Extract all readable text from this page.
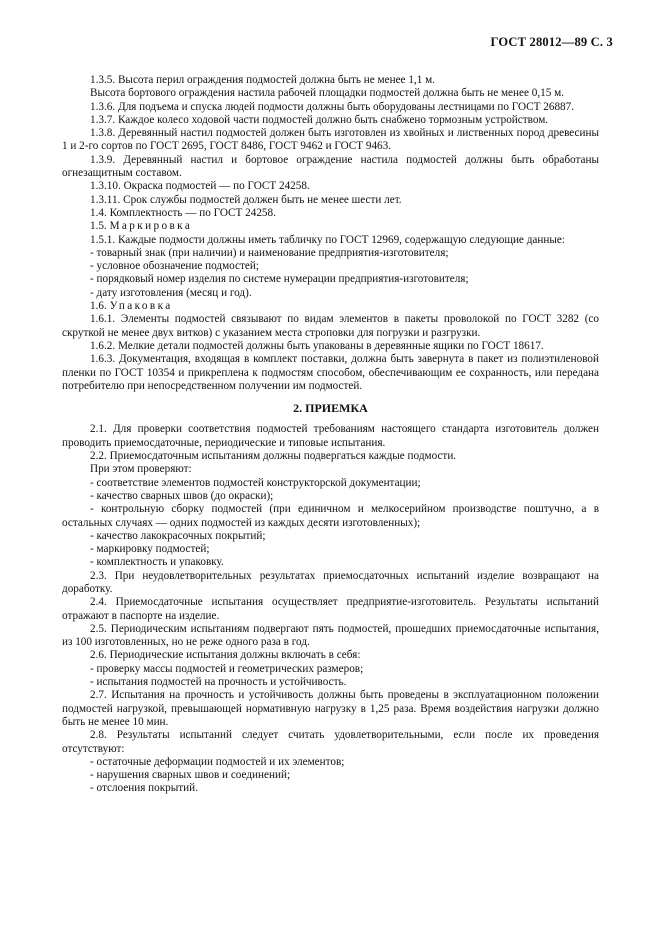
ГОСТ 28012—89 С. 3

1.3.5. Высота перил ограждения подмостей должна быть не менее 1,1 м.

Высота бортового ограждения настила рабочей площадки подмостей должна быть не менее 0,15 м.

1.3.6. Для подъема и спуска людей подмости должны быть оборудованы лестницами по ГОСТ 26887.

1.3.7. Каждое колесо ходовой части подмостей должно быть снабжено тормозным устройством.

1.3.8. Деревянный настил подмостей должен быть изготовлен из хвойных и лиственных пород древесины 1 и 2-го сортов по ГОСТ 2695, ГОСТ 8486, ГОСТ 9462 и ГОСТ 9463.

1.3.9. Деревянный настил и бортовое ограждение настила подмостей должны быть обработаны огнезащитным составом.

1.3.10. Окраска подмостей — по ГОСТ 24258.

1.3.11. Срок службы подмостей должен быть не менее шести лет.

1.4. Комплектность — по ГОСТ 24258.

1.5. Маркировка

1.5.1. Каждые подмости должны иметь табличку по ГОСТ 12969, содержащую следующие данные:

- товарный знак (при наличии) и наименование предприятия-изготовителя;

- условное обозначение подмостей;

- порядковый номер изделия по системе нумерации предприятия-изготовителя;

- дату изготовления (месяц и год).

1.6. Упаковка

1.6.1. Элементы подмостей связывают по видам элементов в пакеты проволокой по ГОСТ 3282 (со скруткой не менее двух витков) с указанием места строповки для погрузки и разгрузки.

1.6.2. Мелкие детали подмостей должны быть упакованы в деревянные ящики по ГОСТ 18617.

1.6.3. Документация, входящая в комплект поставки, должна быть завернута в пакет из полиэтиленовой пленки по ГОСТ 10354 и прикреплена к подмостям способом, обеспечивающим ее сохранность, или передана потребителю при непосредственном получении им подмостей.

2. ПРИЕМКА

2.1. Для проверки соответствия подмостей требованиям настоящего стандарта изготовитель должен проводить приемосдаточные, периодические и типовые испытания.

2.2. Приемосдаточным испытаниям должны подвергаться каждые подмости.

При этом проверяют:

- соответствие элементов подмостей конструкторской документации;

- качество сварных швов (до окраски);

- контрольную сборку подмостей (при единичном и мелкосерийном производстве поштучно, а в остальных случаях — одних подмостей из каждых десяти изготовленных);

- качество лакокрасочных покрытий;

- маркировку подмостей;

- комплектность и упаковку.

2.3. При неудовлетворительных результатах приемосдаточных испытаний изделие возвращают на доработку.

2.4. Приемосдаточные испытания осуществляет предприятие-изготовитель. Результаты испытаний отражают в паспорте на изделие.

2.5. Периодическим испытаниям подвергают пять подмостей, прошедших приемосдаточные испытания, из 100 изготовленных, но не реже одного раза в год.

2.6. Периодические испытания должны включать в себя:

- проверку массы подмостей и геометрических размеров;

- испытания подмостей на прочность и устойчивость.

2.7. Испытания на прочность и устойчивость должны быть проведены в эксплуатационном положении подмостей нагрузкой, превышающей нормативную нагрузку в 1,25 раза. Время воздействия нагрузки должно быть не менее 10 мин.

2.8. Результаты испытаний следует считать удовлетворительными, если после их проведения отсутствуют:

- остаточные деформации подмостей и их элементов;

- нарушения сварных швов и соединений;

- отслоения покрытий.
